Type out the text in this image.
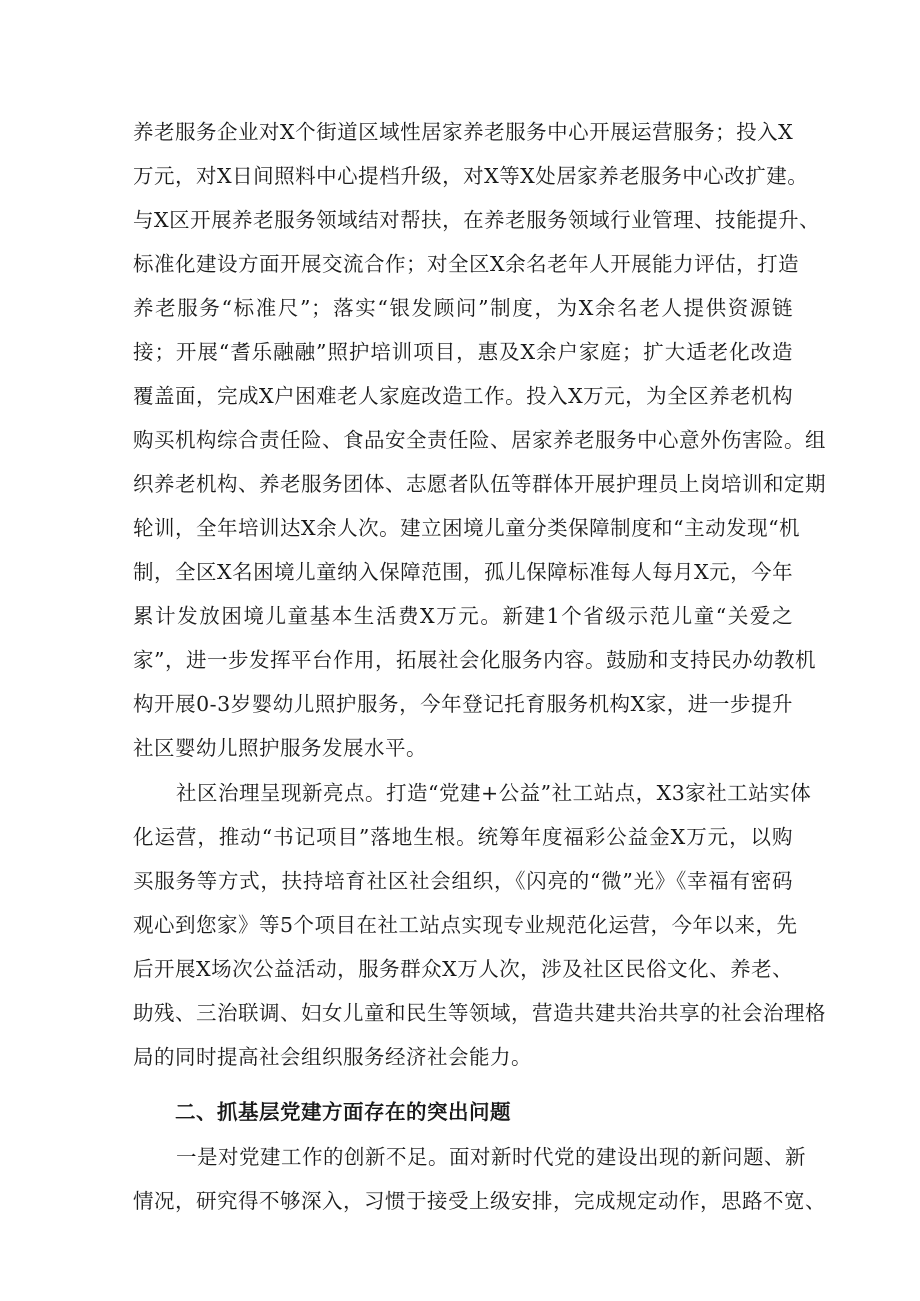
养老服务企业对X个街道区域性居家养老服务中心开展运营服务；投入X
万元，对X日间照料中心提档升级，对X等X处居家养老服务中心改扩建。
与X区开展养老服务领域结对帮扶，在养老服务领域行业管理、技能提升、
标准化建设方面开展交流合作；对全区X余名老年人开展能力评估，打造
养老服务“标准尺”；落实“银发顾问”制度，为X余名老人提供资源链
接；开展“耆乐融融”照护培训项目，惠及X余户家庭；扩大适老化改造
覆盖面，完成X户困难老人家庭改造工作。投入X万元，为全区养老机构
购买机构综合责任险、食品安全责任险、居家养老服务中心意外伤害险。组
织养老机构、养老服务团体、志愿者队伍等群体开展护理员上岗培训和定期
轮训，全年培训达X余人次。建立困境儿童分类保障制度和“主动发现“机
制，全区X名困境儿童纳入保障范围，孤儿保障标准每人每月X元，今年
累计发放困境儿童基本生活费X万元。新建1个省级示范儿童“关爱之
家”，进一步发挥平台作用，拓展社会化服务内容。鼓励和支持民办幼教机
构开展0-3岁婴幼儿照护服务，今年登记托育服务机构X家，进一步提升
社区婴幼儿照护服务发展水平。
社区治理呈现新亮点。打造“党建+公益”社工站点，X3家社工站实体
化运营，推动“书记项目”落地生根。统筹年度福彩公益金X万元，以购
买服务等方式，扶持培育社区社会组织，《闪亮的“微”光》《幸福有密码
观心到您家》等5个项目在社工站点实现专业规范化运营，今年以来，先
后开展X场次公益活动，服务群众X万人次，涉及社区民俗文化、养老、
助残、三治联调、妇女儿童和民生等领域，营造共建共治共享的社会治理格
局的同时提高社会组织服务经济社会能力。
二、抓基层党建方面存在的突出问题
一是对党建工作的创新不足。面对新时代党的建设出现的新问题、新
情况，研究得不够深入，习惯于接受上级安排，完成规定动作，思路不宽、
